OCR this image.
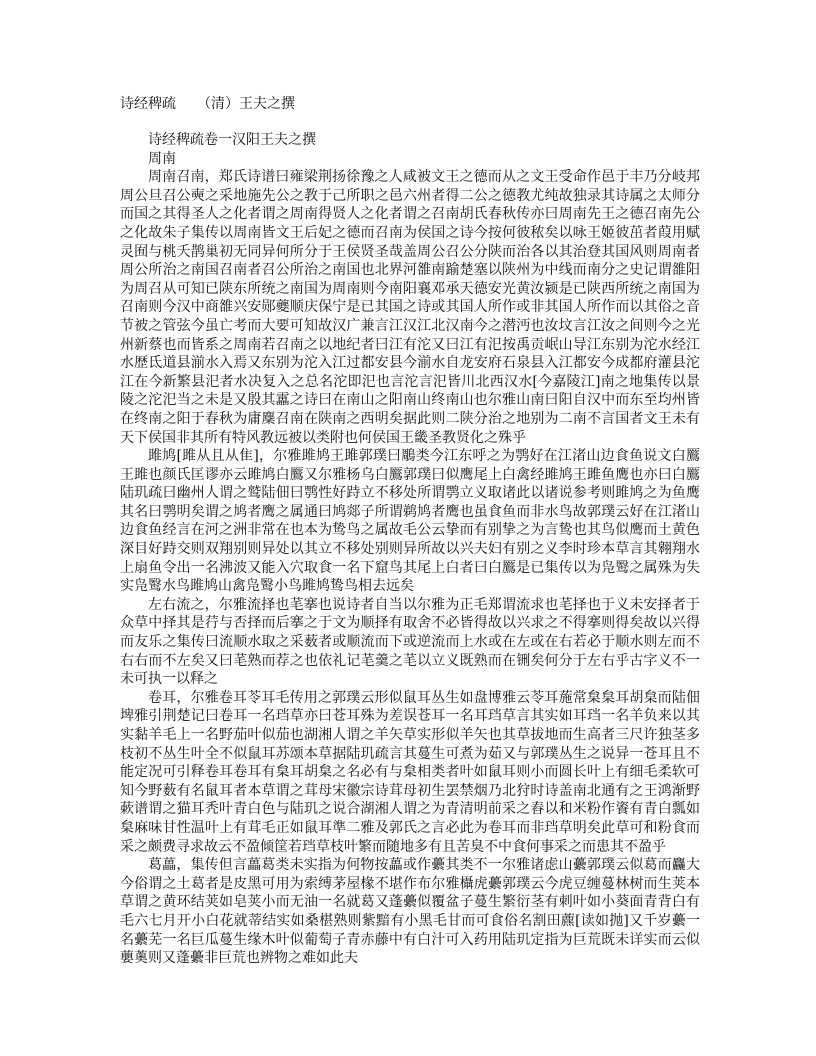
诗经稗疏　　（清）王夫之撰
诗经稗疏卷一汉阳王夫之撰
周南
周南召南，郑氏诗谱曰雍梁荆扬徐豫之人咸被文王之德而从之文王受命作邑于丰乃分岐邦
周公旦召公奭之采地施先公之教于己所职之邑六州者得二公之德教尤纯故独录其诗属之太师分
而国之其得圣人之化者谓之周南得贤人之化者谓之召南胡氏春秋传亦曰周南先王之德召南先公
之化故朱子集传以周南皆文王后妃之德而召南为侯国之诗今按何彼秾矣以咏王姬彼茁者葭用赋
灵囿与桃夭鹊巢初无同异何所分于王侯贤圣哉盖周公召公分陕而治各以其治登其国风则周南者
周公所治之南国召南者召公所治之南国也北界河雒南踰楚塞以陕州为中线而南分之史记谓雒阳
为周召从可知已陕东所统之南国为周南则今南阳襄邓承天德安光黄汝颍是已陕西所统之南国为
召南则今汉中商雒兴安郧夔顺庆保宁是已其国之诗或其国人所作或非其国人所作而以其俗之音
节被之管弦今虽亡考而大要可知故汉广兼言江汉江北汉南今之潜沔也汝坟言江汝之间则今之光
州新蔡也而皆系之周南若召南之以地纪者曰江有沱又曰江有汜按禹贡岷山导江东别为沱水经江
水歴氐道县湔水入焉又东别为沱入江过都安县今湔水自龙安府石泉县入江都安今成都府灌县沱
江在今新繁县汜者水决复入之总名沱即汜也言沱言汜皆川北西汉水[今嘉陵江]南之地集传以景
陵之沱汜当之未是又殷其靁之诗曰在南山之阳南山终南山也尔雅山南曰阳自汉中而东至均州皆
在终南之阳于春秋为庸麇召南在陕南之西明矣据此则二陕分治之地别为二南不言国者文王未有
天下侯国非其所有特风教远被以类附也何侯国王畿圣教贤化之殊乎
雎鸠[雎从且从隹]，尔雅雎鸠王雎郭璞曰鵰类今江东呼之为鹗好在江渚山边食鱼说文白鷢
王雎也颜氏匡谬亦云雎鸠白鷢又尔雅杨乌白鷢郭璞曰似鹰尾上白禽经雎鸠王雎鱼鹰也亦曰白鷢
陆玑疏曰幽州人谓之鹫陆佃曰鹗性好跱立不移处所谓鹗立义取诸此以诸说参考则雎鸠之为鱼鹰
其名曰鹗明矣谓之鸠者鹰之属通曰鸠郯子所谓鹈鸠者鹰也虽食鱼而非水鸟故郭璞云好在江渚山
边食鱼经言在河之洲非常在也本为鸷鸟之属故毛公云挚而有别挚之为言鸷也其鸟似鹰而土黄色
深目好跱交则双翔别则异处以其立不移处别则异所故以兴夫妇有别之义李时珍本草言其翱翔水
上扇鱼令出一名沸波又能入穴取食一名下窟鸟其尾上白者曰白鷢是已集传以为凫鹥之属殊为失
实凫鹥水鸟雎鸠山禽凫鹥小鸟雎鸠鸷鸟相去远矣
左右流之，尔雅流择也芼搴也说诗者自当以尔雅为正毛郑谓流求也芼择也于义未安择者于
众草中择其是荇与否择而后搴之于文为顺择有取舍不必皆得故以兴求之不得搴则得矣故以兴得
而友乐之集传曰流顺水取之采薮者或顺流而下或逆流而上水或在左或在右若必于顺水则左而不
右右而不左矣又曰芼熟而荐之也依礼记芼羹之芼以立义既熟而在铏矣何分于左右乎古字义不一
未可执一以释之
卷耳，尔雅卷耳苓耳毛传用之郭璞云形似鼠耳丛生如盘博雅云苓耳葹常枲枲耳胡枲而陆佃
埤雅引荆楚记曰卷耳一名珰草亦曰苍耳殊为差误苍耳一名耳珰草言其实如耳珰一名羊负来以其
实黏羊毛上一名野茄叶似茄也湖湘人谓之羊矢草实形似羊矢也其草拔地而生高者三尺许独茎多
枝初不丛生叶全不似鼠耳苏颂本草据陆玑疏言其蔓生可煮为茹又与郭璞丛生之说异一苍耳且不
能定况可引释卷耳卷耳有枲耳胡枲之名必有与枲相类者叶如鼠耳则小而圆长叶上有细毛柔软可
知今野薮有名鼠耳者本草谓之茸母宋徽宗诗茸母初生罢禁烟乃北狩时诗盖南北通有之王鸿渐野
蔌谱谓之猫耳秃叶青白色与陆玑之说合湖湘人谓之为青清明前采之舂以和米粉作餈有青白瓢如
枲麻味甘性温叶上有茸毛正如鼠耳準二雅及郭氏之言必此为卷耳而非珰草明矣此草可和粉食而
采之颇费寻求故云不盈倾筐若珰草枝叶繁而随地多有且苦臭不中食何事采之而患其不盈乎
葛藟，集传但言藟葛类未实指为何物按藟或作虆其类不一尔雅诸虑山虆郭璞云似葛而麤大
今俗谓之土葛者是皮黑可用为索缚茅屋椽不堪作布尔雅欇虎虆郭璞云今虎豆缠蔓林树而生荚本
草谓之黄环结荚如皂荚小而无油一名就葛又蓬虆似覆盆子蔓生繁衍茎有刺叶如小葵面青背白有
毛六七月开小白花就蒂结实如桑椹熟则紫黯有小黑毛甘而可食俗名割田藨[读如抛]又千岁虆一
名虆芜一名巨瓜蔓生缘木叶似葡萄子青赤藤中有白汁可入药用陆玑定指为巨荒既未详实而云似
蘡薁则又蓬虆非巨荒也辨物之难如此夫
